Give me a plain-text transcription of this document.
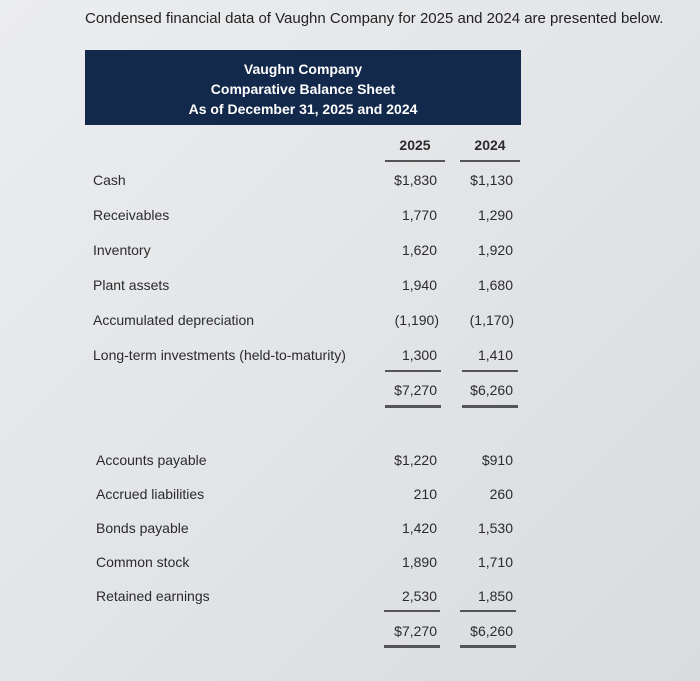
Condensed financial data of Vaughn Company for 2025 and 2024 are presented below.
Vaughn Company
Comparative Balance Sheet
As of December 31, 2025 and 2024
2025	2024
Cash	$1,830 $1,130
Receivables	1,770	1,290
Inventory	1,620	1,920
Plant assets	1,940	1,680
Accumulated depreciation	(1,190) (1,170)
Long-term investments (held-to-maturity)	1,300	1,410
$7,270 $6,260
Accounts payable	$1,220	$910
Accrued liabilities	210	260
Bonds payable	1,420	1,530
Common stock	1,890	1,710
Retained earnings	2,530	1,850
$7,270 $6,260
